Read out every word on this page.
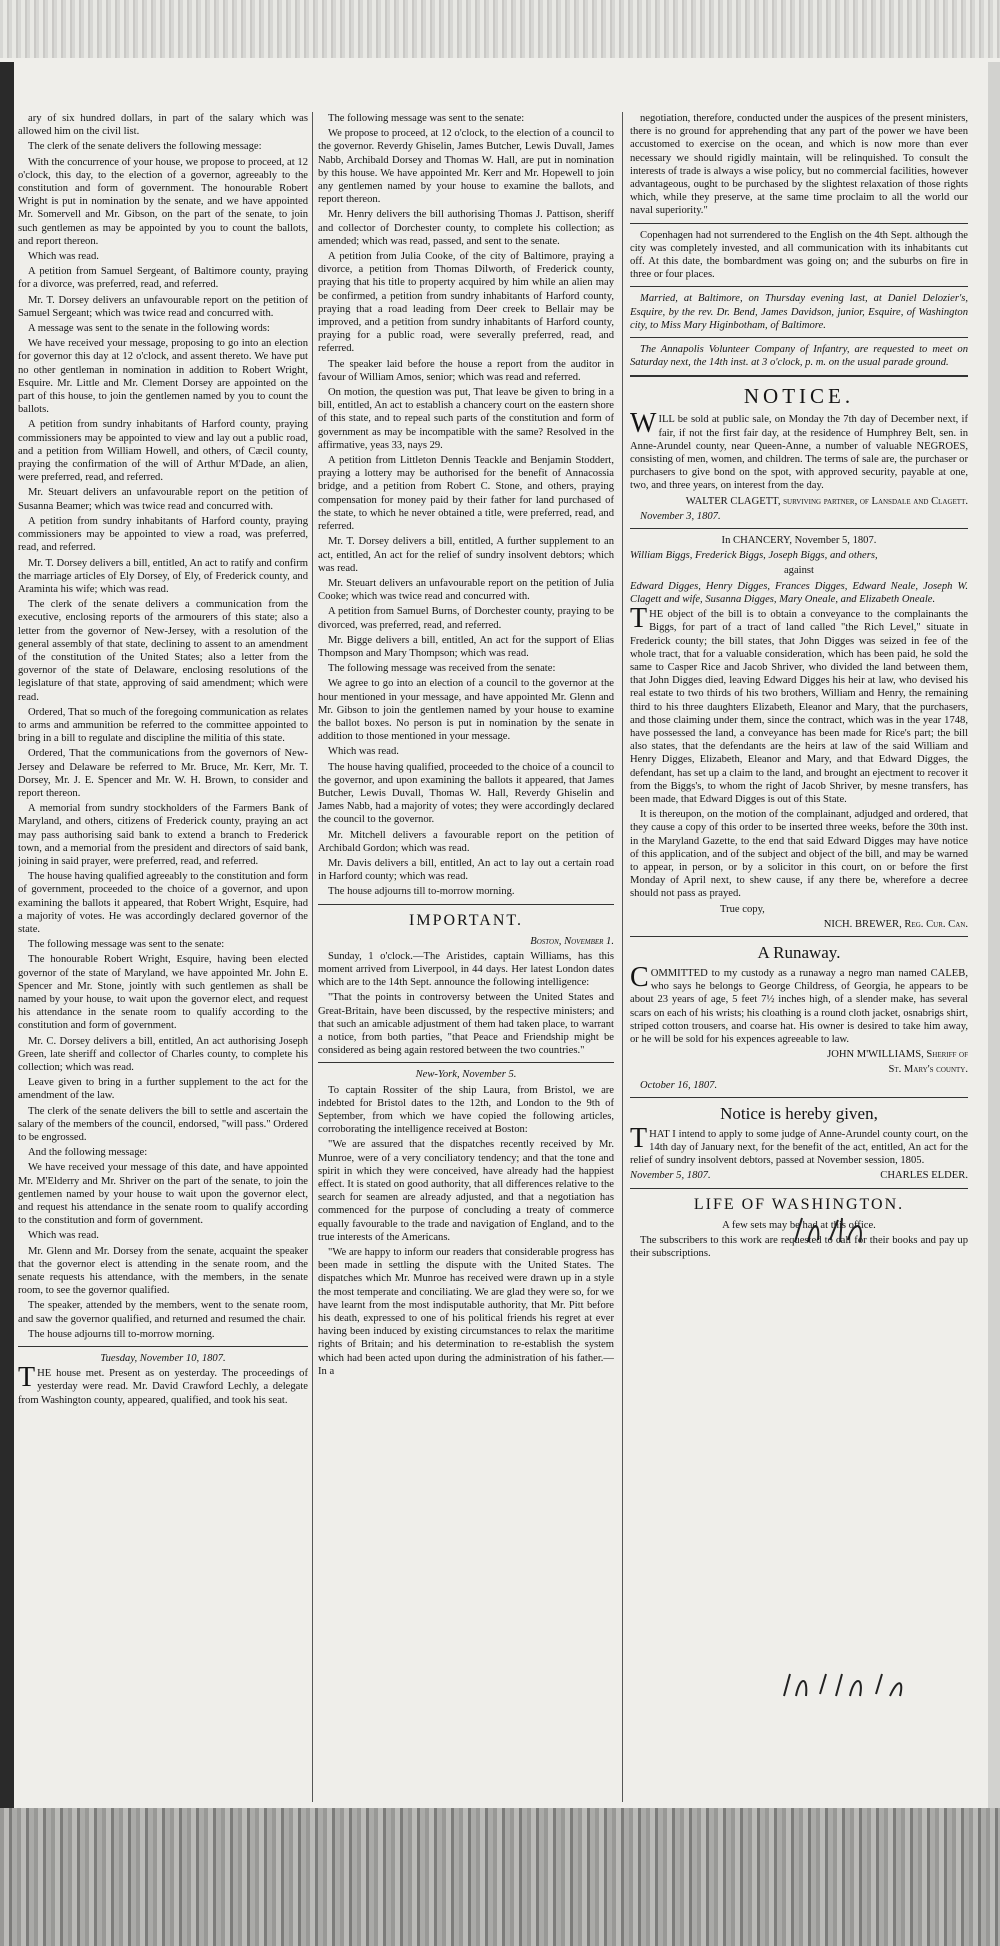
ary of six hundred dollars, in part of the salary which was allowed him on the civil list.

The clerk of the senate delivers the following message:

With the concurrence of your house, we propose to proceed, at 12 o'clock, this day, to the election of a governor, agreeably to the constitution and form of government. The honourable Robert Wright is put in nomination by the senate, and we have appointed Mr. Somervell and Mr. Gibson, on the part of the senate, to join such gentlemen as may be appointed by you to count the ballots, and report thereon.

Which was read.

A petition from Samuel Sergeant, of Baltimore county, praying for a divorce, was preferred, read, and referred.

Mr. T. Dorsey delivers an unfavourable report on the petition of Samuel Sergeant; which was twice read and concurred with.

A message was sent to the senate in the following words:

We have received your message, proposing to go into an election for governor this day at 12 o'clock, and assent thereto. We have put no other gentleman in nomination in addition to Robert Wright, Esquire. Mr. Little and Mr. Clement Dorsey are appointed on the part of this house, to join the gentlemen named by you to count the ballots.

A petition from sundry inhabitants of Harford county, praying commissioners may be appointed to view and lay out a public road, and a petition from William Howell, and others, of Cæcil county, praying the confirmation of the will of Arthur M'Dade, an alien, were preferred, read, and referred.

Mr. Steuart delivers an unfavourable report on the petition of Susanna Beamer; which was twice read and concurred with.

A petition from sundry inhabitants of Harford county, praying commissioners may be appointed to view a road, was preferred, read, and referred.

Mr. T. Dorsey delivers a bill, entitled, An act to ratify and confirm the marriage articles of Ely Dorsey, of Ely, of Frederick county, and Araminta his wife; which was read.

The clerk of the senate delivers a communication from the executive, enclosing reports of the armourers of this state; also a letter from the governor of New-Jersey, with a resolution of the general assembly of that state, declining to assent to an amendment of the constitution of the United States; also a letter from the governor of the state of Delaware, enclosing resolutions of the legislature of that state, approving of said amendment; which were read.

Ordered, That so much of the foregoing communication as relates to arms and ammunition be referred to the committee appointed to bring in a bill to regulate and discipline the militia of this state.

Ordered, That the communications from the governors of New-Jersey and Delaware be referred to Mr. Bruce, Mr. Kerr, Mr. T. Dorsey, Mr. J. E. Spencer and Mr. W. H. Brown, to consider and report thereon.

A memorial from sundry stockholders of the Farmers Bank of Maryland, and others, citizens of Frederick county, praying an act may pass authorising said bank to extend a branch to Frederick town, and a memorial from the president and directors of said bank, joining in said prayer, were preferred, read, and referred.

The house having qualified agreeably to the constitution and form of government, proceeded to the choice of a governor, and upon examining the ballots it appeared, that Robert Wright, Esquire, had a majority of votes. He was accordingly declared governor of the state.

The following message was sent to the senate:

The honourable Robert Wright, Esquire, having been elected governor of the state of Maryland, we have appointed Mr. John E. Spencer and Mr. Stone, jointly with such gentlemen as shall be named by your house, to wait upon the governor elect, and request his attendance in the senate room to qualify according to the constitution and form of government.

Mr. C. Dorsey delivers a bill, entitled, An act authorising Joseph Green, late sheriff and collector of Charles county, to complete his collection; which was read.

Leave given to bring in a further supplement to the act for the amendment of the law.

The clerk of the senate delivers the bill to settle and ascertain the salary of the members of the council, endorsed, "will pass." Ordered to be engrossed.

And the following message:

We have received your message of this date, and have appointed Mr. M'Elderry and Mr. Shriver on the part of the senate, to join the gentlemen named by your house to wait upon the governor elect, and request his attendance in the senate room to qualify according to the constitution and form of government.

Which was read.

Mr. Glenn and Mr. Dorsey from the senate, acquaint the speaker that the governor elect is attending in the senate room, and the senate requests his attendance, with the members, in the senate room, to see the governor qualified.

The speaker, attended by the members, went to the senate room, and saw the governor qualified, and returned and resumed the chair.

The house adjourns till to-morrow morning.

Tuesday, November 10, 1807.

THE house met. Present as on yesterday. The proceedings of yesterday were read. Mr. David Crawford Lechly, a delegate from Washington county, appeared, qualified, and took his seat.

The following message was sent to the senate:

We propose to proceed, at 12 o'clock, to the election of a council to the governor. Reverdy Ghiselin, James Butcher, Lewis Duvall, James Nabb, Archibald Dorsey and Thomas W. Hall, are put in nomination by this house. We have appointed Mr. Kerr and Mr. Hopewell to join any gentlemen named by your house to examine the ballots, and report thereon.

Mr. Henry delivers the bill authorising Thomas J. Pattison, sheriff and collector of Dorchester county, to complete his collection; as amended; which was read, passed, and sent to the senate.

A petition from Julia Cooke, of the city of Baltimore, praying a divorce, a petition from Thomas Dilworth, of Frederick county, praying that his title to property acquired by him while an alien may be confirmed, a petition from sundry inhabitants of Harford county, praying that a road leading from Deer creek to Bellair may be improved, and a petition from sundry inhabitants of Harford county, praying for a public road, were severally preferred, read, and referred.

The speaker laid before the house a report from the auditor in favour of William Amos, senior; which was read and referred.

On motion, the question was put, That leave be given to bring in a bill, entitled, An act to establish a chancery court on the eastern shore of this state, and to repeal such parts of the constitution and form of government as may be incompatible with the same? Resolved in the affirmative, yeas 33, nays 29.

A petition from Littleton Dennis Teackle and Benjamin Stoddert, praying a lottery may be authorised for the benefit of Annacossia bridge, and a petition from Robert C. Stone, and others, praying compensation for money paid by their father for land purchased of the state, to which he never obtained a title, were preferred, read, and referred.

Mr. T. Dorsey delivers a bill, entitled, A further supplement to an act, entitled, An act for the relief of sundry insolvent debtors; which was read.

Mr. Steuart delivers an unfavourable report on the petition of Julia Cooke; which was twice read and concurred with.

A petition from Samuel Burns, of Dorchester county, praying to be divorced, was preferred, read, and referred.

Mr. Bigge delivers a bill, entitled, An act for the support of Elias Thompson and Mary Thompson; which was read.

The following message was received from the senate:

We agree to go into an election of a council to the governor at the hour mentioned in your message, and have appointed Mr. Glenn and Mr. Gibson to join the gentlemen named by your house to examine the ballot boxes. No person is put in nomination by the senate in addition to those mentioned in your message.

Which was read.

The house having qualified, proceeded to the choice of a council to the governor, and upon examining the ballots it appeared, that James Butcher, Lewis Duvall, Thomas W. Hall, Reverdy Ghiselin and James Nabb, had a majority of votes; they were accordingly declared the council to the governor.

Mr. Mitchell delivers a favourable report on the petition of Archibald Gordon; which was read.

Mr. Davis delivers a bill, entitled, An act to lay out a certain road in Harford county; which was read.

The house adjourns till to-morrow morning.

IMPORTANT.

Boston, November 1.

Sunday, 1 o'clock.—The Aristides, captain Williams, has this moment arrived from Liverpool, in 44 days. Her latest London dates which are to the 14th Sept. announce the following intelligence:

"That the points in controversy between the United States and Great-Britain, have been discussed, by the respective ministers; and that such an amicable adjustment of them had taken place, to warrant a notice, from both parties, "that Peace and Friendship might be considered as being again restored between the two countries."

New-York, November 5.

To captain Rossiter of the ship Laura, from Bristol, we are indebted for Bristol dates to the 12th, and London to the 9th of September, from which we have copied the following articles, corroborating the intelligence received at Boston:

"We are assured that the dispatches recently received by Mr. Munroe, were of a very conciliatory tendency; and that the tone and spirit in which they were conceived, have already had the happiest effect. It is stated on good authority, that all differences relative to the search for seamen are already adjusted, and that a negotiation has commenced for the purpose of concluding a treaty of commerce equally favourable to the trade and navigation of England, and to the true interests of the Americans.

"We are happy to inform our readers that considerable progress has been made in settling the dispute with the United States. The dispatches which Mr. Munroe has received were drawn up in a style the most temperate and conciliating. We are glad they were so, for we have learnt from the most indisputable authority, that Mr. Pitt before his death, expressed to one of his political friends his regret at ever having been induced by existing circumstances to relax the maritime rights of Britain; and his determination to re-establish the system which had been acted upon during the administration of his father.—In a

negotiation, therefore, conducted under the auspices of the present ministers, there is no ground for apprehending that any part of the power we have been accustomed to exercise on the ocean, and which is now more than ever necessary we should rigidly maintain, will be relinquished. To consult the interests of trade is always a wise policy, but no commercial facilities, however advantageous, ought to be purchased by the slightest relaxation of those rights which, while they preserve, at the same time proclaim to all the world our naval superiority."

Copenhagen had not surrendered to the English on the 4th Sept. although the city was completely invested, and all communication with its inhabitants cut off. At this date, the bombardment was going on; and the suburbs on fire in three or four places.

Married, at Baltimore, on Thursday evening last, at Daniel Delozier's, Esquire, by the rev. Dr. Bend, James Davidson, junior, Esquire, of Washington city, to Miss Mary Higinbotham, of Baltimore.

The Annapolis Volunteer Company of Infantry, are requested to meet on Saturday next, the 14th inst. at 3 o'clock, p. m. on the usual parade ground.

NOTICE.

WILL be sold at public sale, on Monday the 7th day of December next, if fair, if not the first fair day, at the residence of Humphrey Belt, sen. in Anne-Arundel county, near Queen-Anne, a number of valuable NEGROES, consisting of men, women, and children. The terms of sale are, the purchaser or purchasers to give bond on the spot, with approved security, payable at one, two, and three years, on interest from the day.

WALTER CLAGETT, surviving partner, of Lansdale and Clagett.

November 3, 1807.

In CHANCERY, November 5, 1807.

William Biggs, Frederick Biggs, Joseph Biggs, and others,

against

Edward Digges, Henry Digges, Frances Digges, Edward Neale, Joseph W. Clagett and wife, Susanna Digges, Mary Oneale, and Elizabeth Oneale.

THE object of the bill is to obtain a conveyance to the complainants the Biggs, for part of a tract of land called "the Rich Level," situate in Frederick county; the bill states, that John Digges was seized in fee of the whole tract, that for a valuable consideration, which has been paid, he sold the same to Casper Rice and Jacob Shriver, who divided the land between them, that John Digges died, leaving Edward Digges his heir at law, who devised his real estate to two thirds of his two brothers, William and Henry, the remaining third to his three daughters Elizabeth, Eleanor and Mary, that the purchasers, and those claiming under them, since the contract, which was in the year 1748, have possessed the land, a conveyance has been made for Rice's part; the bill also states, that the defendants are the heirs at law of the said William and Henry Digges, Elizabeth, Eleanor and Mary, and that Edward Digges, the defendant, has set up a claim to the land, and brought an ejectment to recover it from the Biggs's, to whom the right of Jacob Shriver, by mesne transfers, has been made, that Edward Digges is out of this State.

It is thereupon, on the motion of the complainant, adjudged and ordered, that they cause a copy of this order to be inserted three weeks, before the 30th inst. in the Maryland Gazette, to the end that said Edward Digges may have notice of this application, and of the subject and object of the bill, and may be warned to appear, in person, or by a solicitor in this court, on or before the first Monday of April next, to shew cause, if any there be, wherefore a decree should not pass as prayed.

True copy,

NICH. BREWER, Reg. Cur. Can.

A Runaway.

COMMITTED to my custody as a runaway a negro man named CALEB, who says he belongs to George Childress, of Georgia, he appears to be about 23 years of age, 5 feet 7½ inches high, of a slender make, has several scars on each of his wrists; his cloathing is a round cloth jacket, osnabrigs shirt, striped cotton trousers, and coarse hat. His owner is desired to take him away, or he will be sold for his expences agreeable to law.

JOHN M'WILLIAMS, Sheriff of

St. Mary's county.

October 16, 1807.

Notice is hereby given,

THAT I intend to apply to some judge of Anne-Arundel county court, on the 14th day of January next, for the benefit of the act, entitled, An act for the relief of sundry insolvent debtors, passed at November session, 1805.

November 5, 1807.	CHARLES ELDER.

LIFE OF WASHINGTON.

A few sets may be had at this office.

The subscribers to this work are requested to call for their books and pay up their subscriptions.
